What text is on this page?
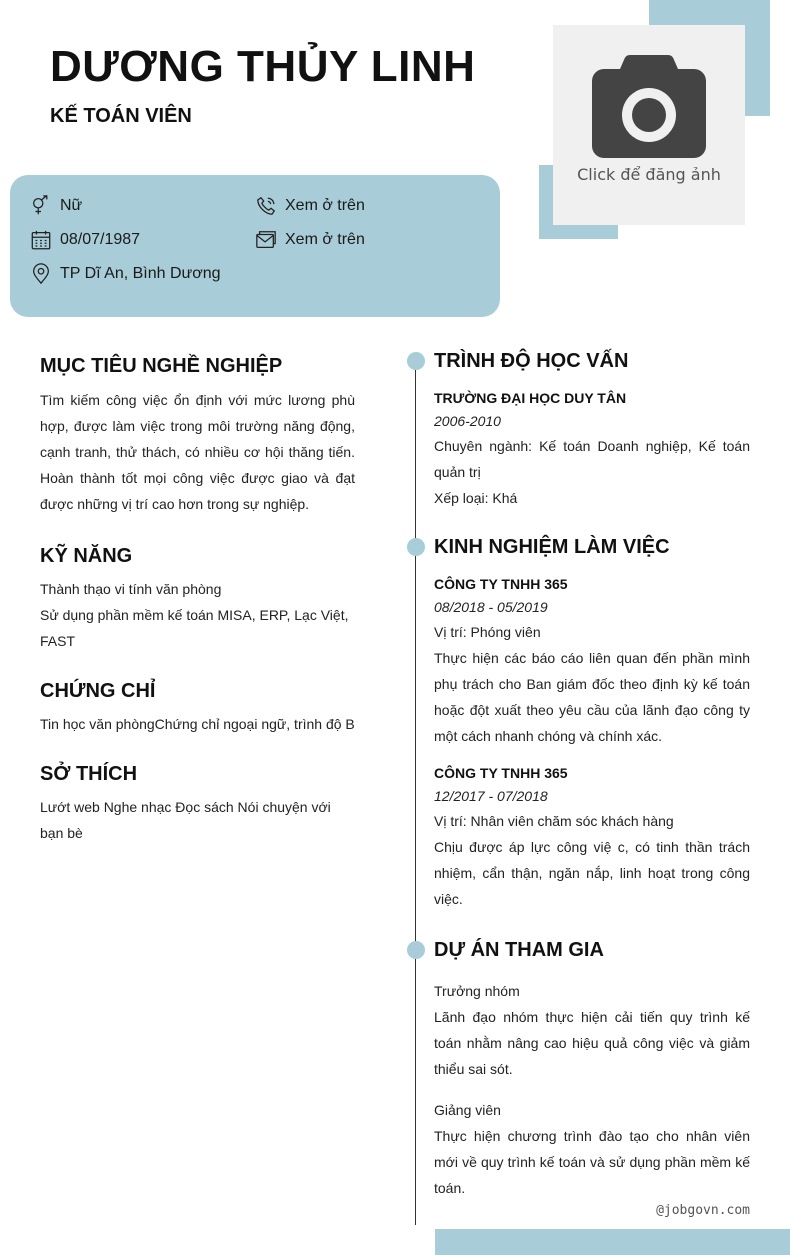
Click để đăng ảnh
DƯƠNG THỦY LINH
KẾ TOÁN VIÊN
Nữ
08/07/1987
TP Dĩ An, Bình Dương
Xem ở trên
Xem ở trên
MỤC TIÊU NGHỀ NGHIỆP
Tìm kiếm công việc ổn định với mức lương phù hợp, được làm việc trong môi trường năng động, cạnh tranh, thử thách, có nhiều cơ hội thăng tiến. Hoàn thành tốt mọi công việc được giao và đạt được những vị trí cao hơn trong sự nghiệp.
KỸ NĂNG
Thành thạo vi tính văn phòng
Sử dụng phần mềm kế toán MISA, ERP, Lạc Việt, FAST
CHỨNG CHỈ
Tin học văn phòngChứng chỉ ngoại ngữ, trình độ B
SỞ THÍCH
Lướt web Nghe nhạc Đọc sách Nói chuyện với bạn bè
TRÌNH ĐỘ HỌC VẤN
TRƯỜNG ĐẠI HỌC DUY TÂN
2006-2010
Chuyên ngành: Kế toán Doanh nghiệp, Kế toán quản trị
Xếp loại: Khá
KINH NGHIỆM LÀM VIỆC
CÔNG TY TNHH 365
08/2018 - 05/2019
Vị trí: Phóng viên
Thực hiện các báo cáo liên quan đến phần mình phụ trách cho Ban giám đốc theo định kỳ kế toán hoặc đột xuất theo yêu cầu của lãnh đạo công ty một cách nhanh chóng và chính xác.
CÔNG TY TNHH 365
12/2017 - 07/2018
Vị trí: Nhân viên chăm sóc khách hàng
Chịu được áp lực công việ c, có tinh thần trách nhiệm, cẩn thận, ngăn nắp, linh hoạt trong công việc.
DỰ ÁN THAM GIA
Trưởng nhóm
Lãnh đạo nhóm thực hiện cải tiến quy trình kế toán nhằm nâng cao hiệu quả công việc và giảm thiểu sai sót.
Giảng viên
Thực hiện chương trình đào tạo cho nhân viên mới về quy trình kế toán và sử dụng phần mềm kế toán.
@jobgovn.com
